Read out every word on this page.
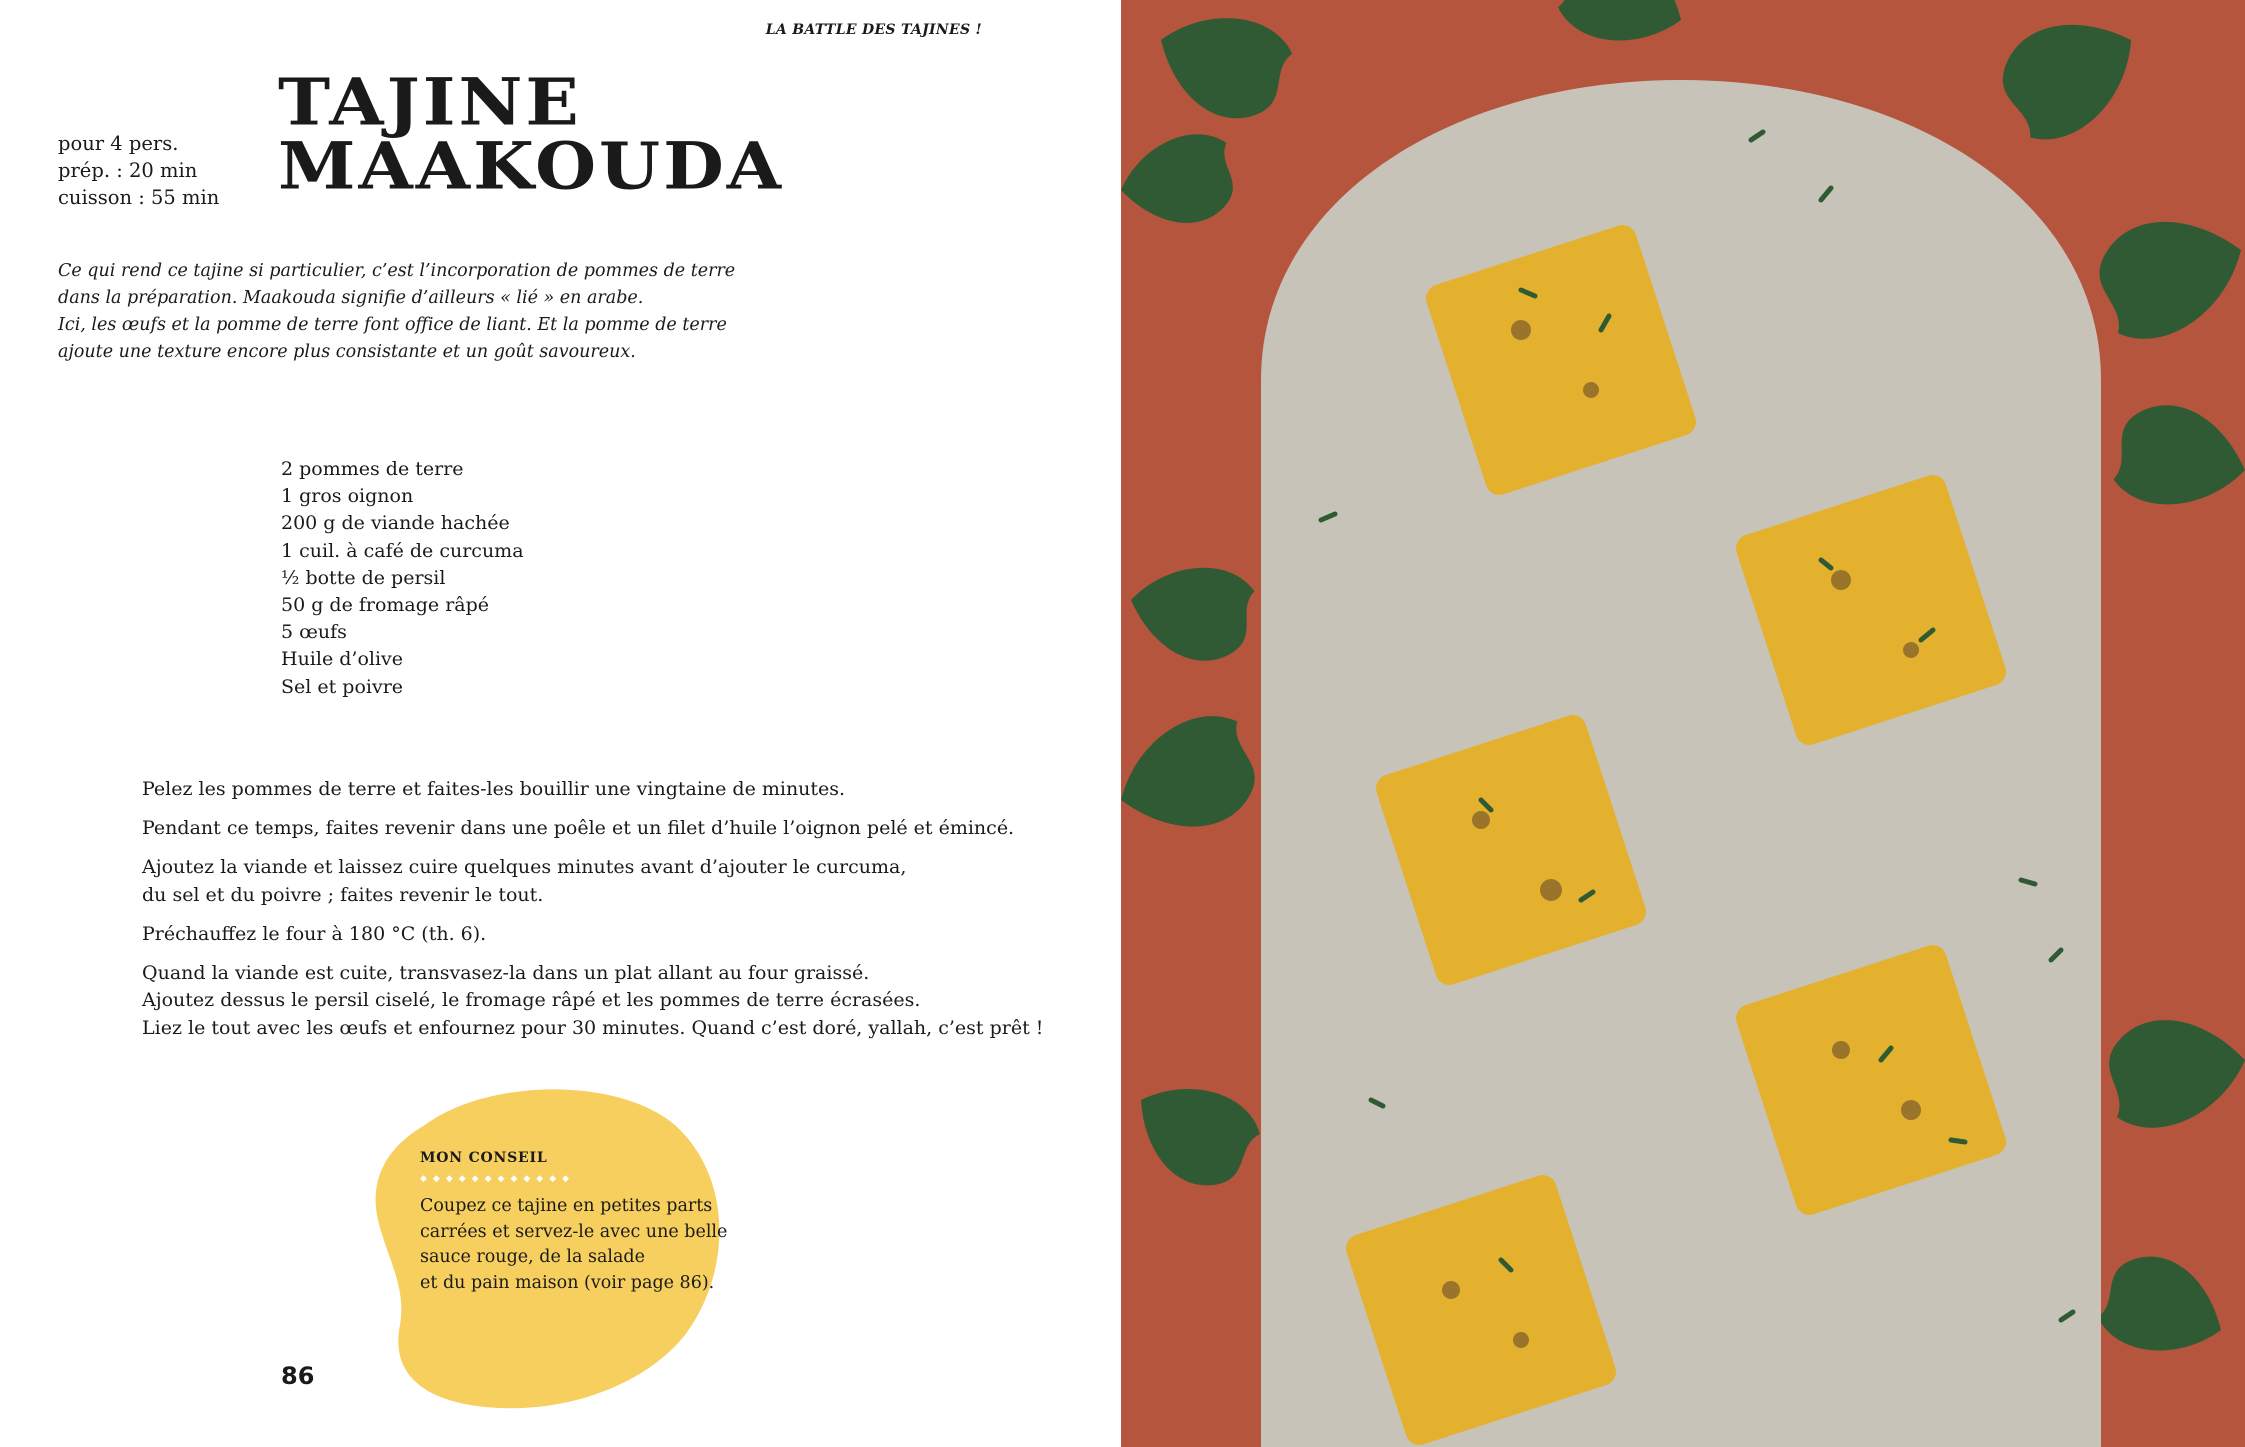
LA BATTLE DES TAJINES !
pour 4 pers.
prép. : 20 min
cuisson : 55 min
TAJINE
MAAKOUDA
Ce qui rend ce tajine si particulier, c’est l’incorporation de pommes de terre
dans la préparation. Maakouda signifie d’ailleurs « lié » en arabe.
Ici, les œufs et la pomme de terre font office de liant. Et la pomme de terre
ajoute une texture encore plus consistante et un goût savoureux.
2 pommes de terre
1 gros oignon
200 g de viande hachée
1 cuil. à café de curcuma
½ botte de persil
50 g de fromage râpé
5 œufs
Huile d’olive
Sel et poivre
Pelez les pommes de terre et faites-les bouillir une vingtaine de minutes.
Pendant ce temps, faites revenir dans une poêle et un filet d’huile l’oignon pelé et émincé.
Ajoutez la viande et laissez cuire quelques minutes avant d’ajouter le curcuma,
du sel et du poivre ; faites revenir le tout.
Préchauffez le four à 180 °C (th. 6).
Quand la viande est cuite, transvasez-la dans un plat allant au four graissé.
Ajoutez dessus le persil ciselé, le fromage râpé et les pommes de terre écrasées.
Liez le tout avec les œufs et enfournez pour 30 minutes. Quand c’est doré, yallah, c’est prêt !
MON CONSEIL
◆◆◆◆◆◆◆◆◆◆◆◆
Coupez ce tajine en petites parts
carrées et servez-le avec une belle
sauce rouge, de la salade
et du pain maison (voir page 86).
86
